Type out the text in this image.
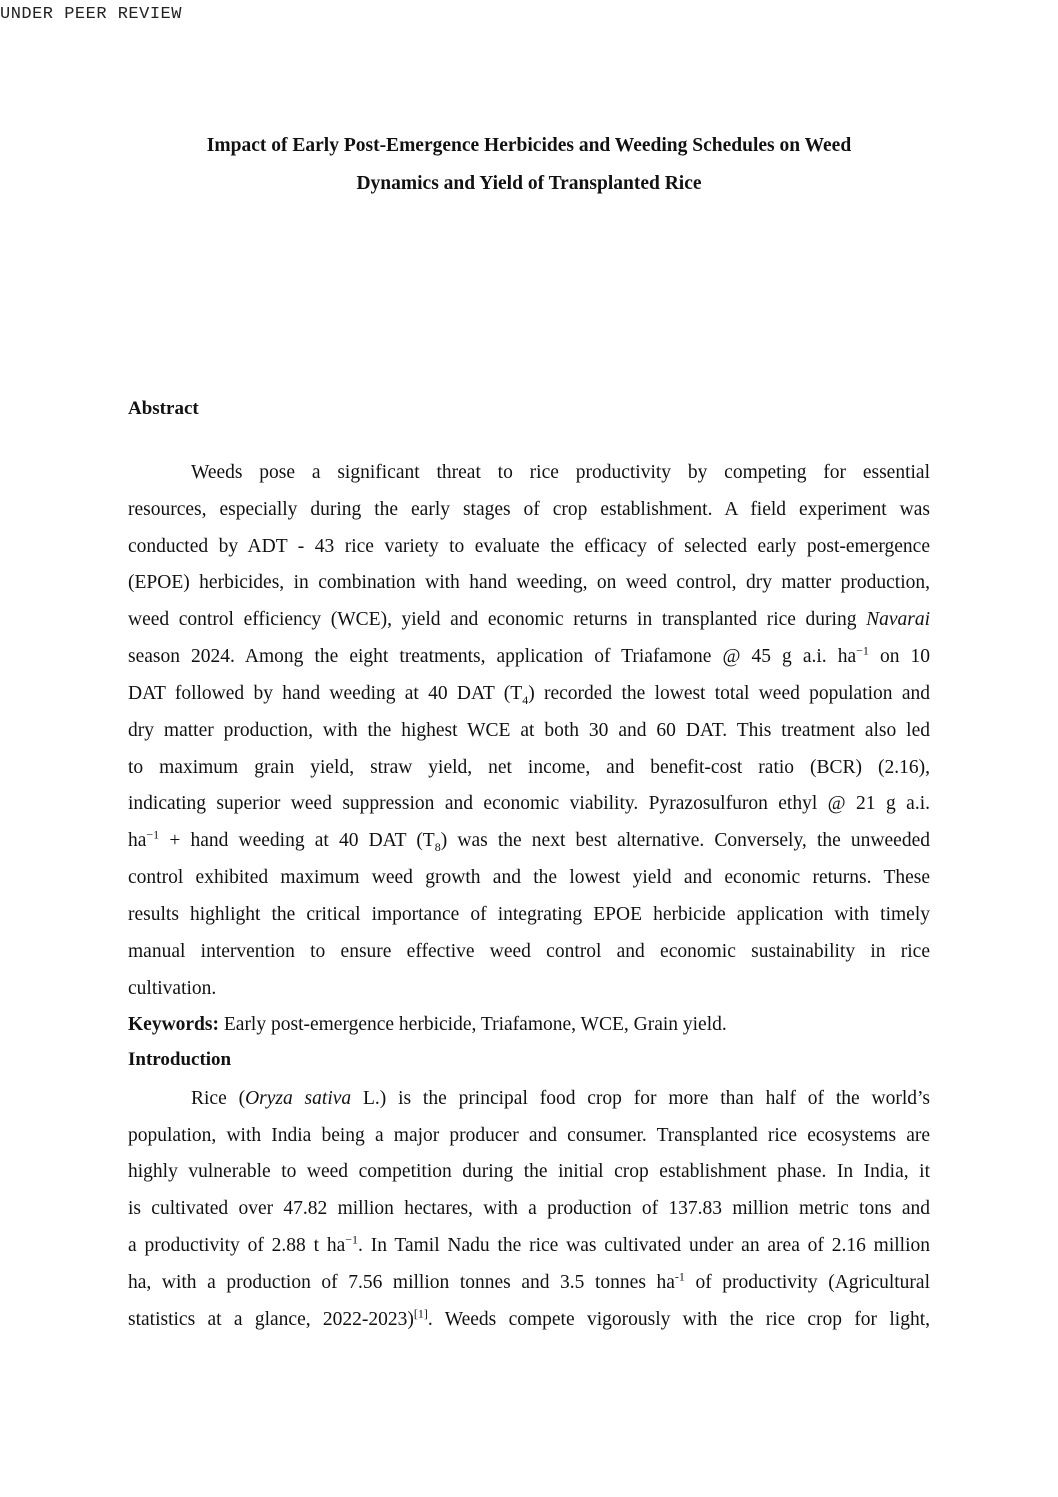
UNDER PEER REVIEW
Impact of Early Post-Emergence Herbicides and Weeding Schedules on Weed
Dynamics and Yield of Transplanted Rice
Abstract
Weeds pose a significant threat to rice productivity by competing for essential
resources, especially during the early stages of crop establishment. A field experiment was
conducted by ADT - 43 rice variety to evaluate the efficacy of selected early post-emergence
(EPOE) herbicides, in combination with hand weeding, on weed control, dry matter production,
weed control efficiency (WCE), yield and economic returns in transplanted rice during Navarai
season 2024. Among the eight treatments, application of Triafamone @ 45 g a.i. $ha^{-1}$ on 10
DAT followed by hand weeding at 40 DAT $(T_4)$ recorded the lowest total weed population and
dry matter production, with the highest WCE at both 30 and 60 DAT. This treatment also led
to maximum grain yield, straw yield, net income, and benefit-cost ratio (BCR) (2.16),
indicating superior weed suppression and economic viability. Pyrazosulfuron ethyl @ 21 g a.i.
$ha^{-1}$ + hand weeding at 40 DAT $(T_8)$ was the next best alternative. Conversely, the unweeded
control exhibited maximum weed growth and the lowest yield and economic returns. These
results highlight the critical importance of integrating EPOE herbicide application with timely
manual intervention to ensure effective weed control and economic sustainability in rice
cultivation.
Keywords: Early post-emergence herbicide, Triafamone, WCE, Grain yield.
Introduction
Rice (Oryza sativa L.) is the principal food crop for more than half of the world’s
population, with India being a major producer and consumer. Transplanted rice ecosystems are
highly vulnerable to weed competition during the initial crop establishment phase. In India, it
is cultivated over 47.82 million hectares, with a production of 137.83 million metric tons and
a productivity of 2.88 t $ha^{-1}$. In Tamil Nadu the rice was cultivated under an area of 2.16 million
ha, with a production of 7.56 million tonnes and 3.5 tonnes $ha^{-1}$ of productivity (Agricultural
statistics at a glance, 2022-2023)[1]. Weeds compete vigorously with the rice crop for light,
